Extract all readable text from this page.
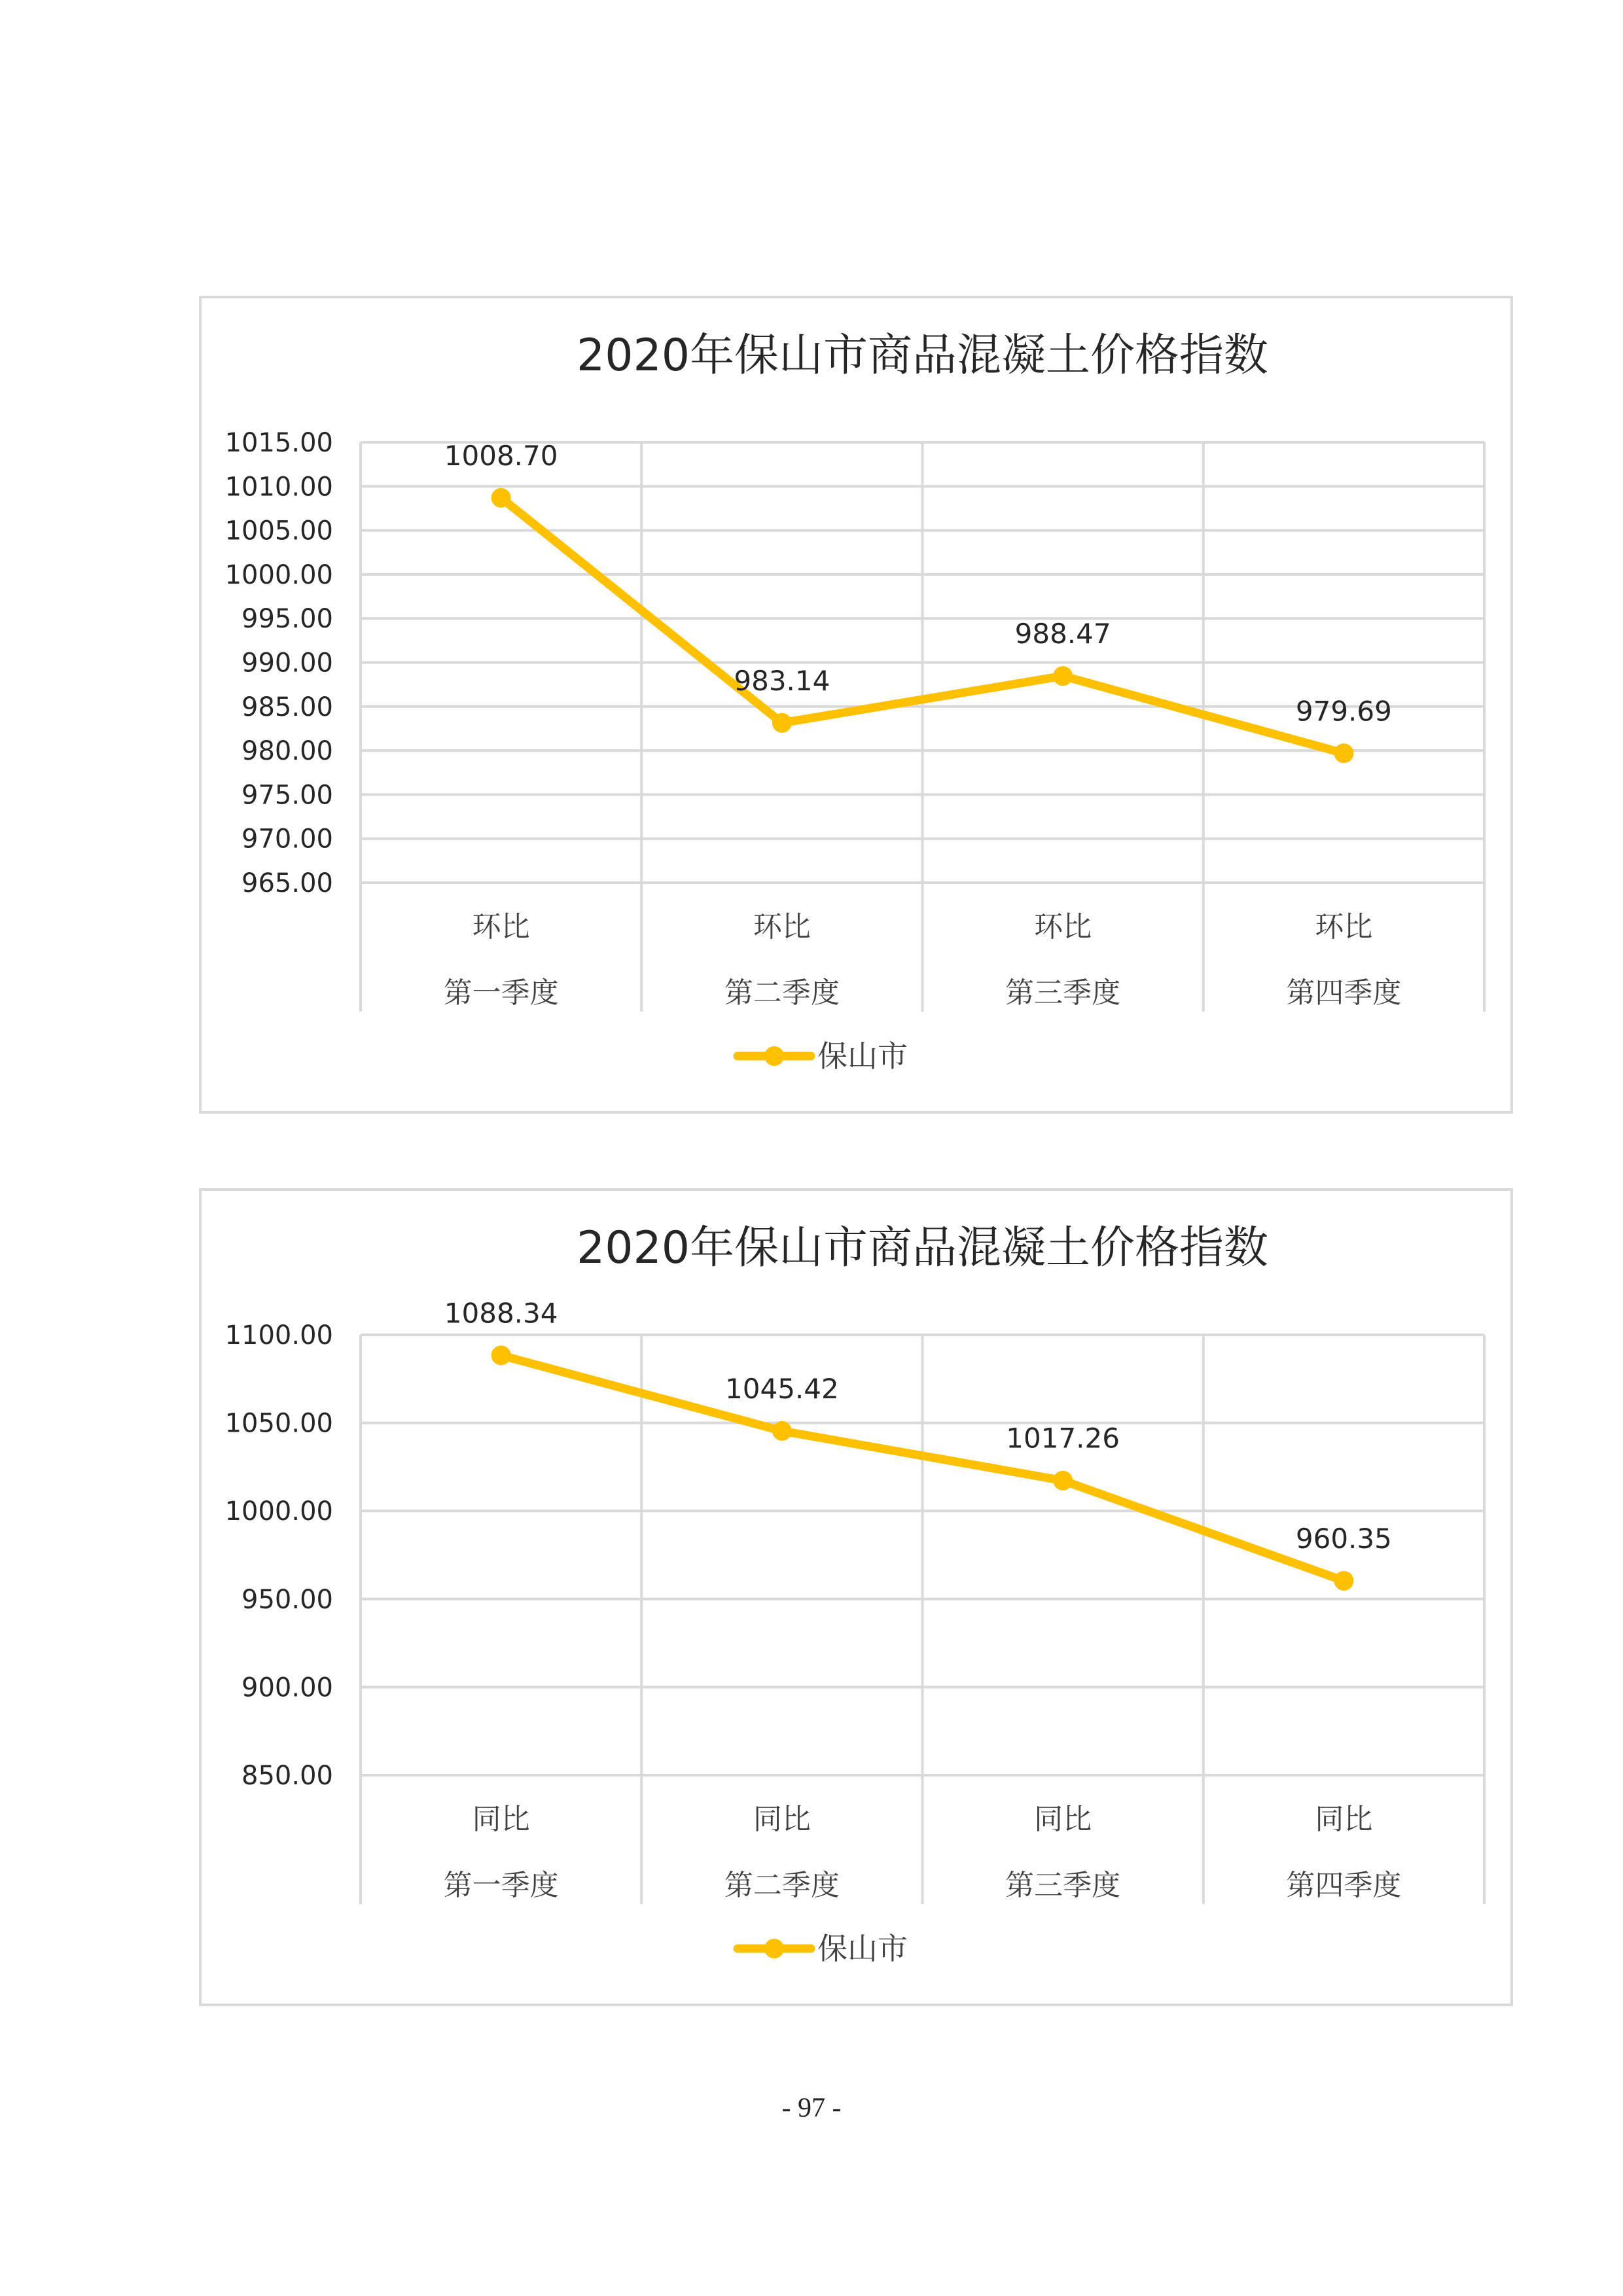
2020年保山市商品混凝土价格指数
1015.00
1010.00
1005.00
1000.00
995.00
990.00
985.00
980.00
975.00
970.00
965.00
环比
第一季度
环比
第二季度
环比
第三季度
环比
第四季度
1008.70
983.14
988.47
979.69
保山市
2020年保山市商品混凝土价格指数
1100.00
1050.00
1000.00
950.00
900.00
850.00
同比
第一季度
同比
第二季度
同比
第三季度
同比
第四季度
1088.34
1045.42
1017.26
960.35
保山市
- 97 -
